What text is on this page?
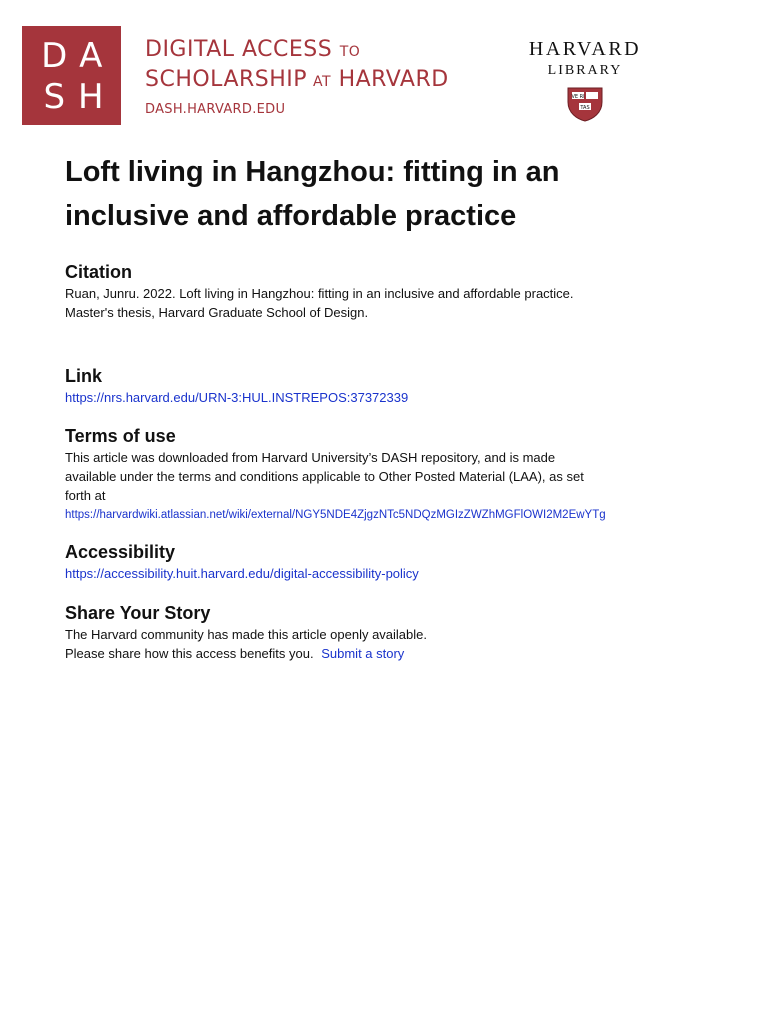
D A
S H
DIGITAL ACCESS TO
SCHOLARSHIP AT HARVARD
DASH.HARVARD.EDU
HARVARD
LIBRARY
VE RI
TAS
Loft living in Hangzhou: fitting in an
inclusive and affordable practice
Citation

Ruan, Junru. 2022. Loft living in Hangzhou: fitting in an inclusive and affordable practice.

Master's thesis, Harvard Graduate School of Design.

Link
https://nrs.harvard.edu/URN-3:HUL.INSTREPOS:37372339
Terms of use

This article was downloaded from Harvard University’s DASH repository, and is made

available under the terms and conditions applicable to Other Posted Material (LAA), as set

forth at

https://harvardwiki.atlassian.net/wiki/external/NGY5NDE4ZjgzNTc5NDQzMGIzZWZhMGFlOWI2M2EwYTg
Accessibility
https://accessibility.huit.harvard.edu/digital-accessibility-policy
Share Your Story

The Harvard community has made this article openly available.

Please share how this access benefits you. Submit a story
